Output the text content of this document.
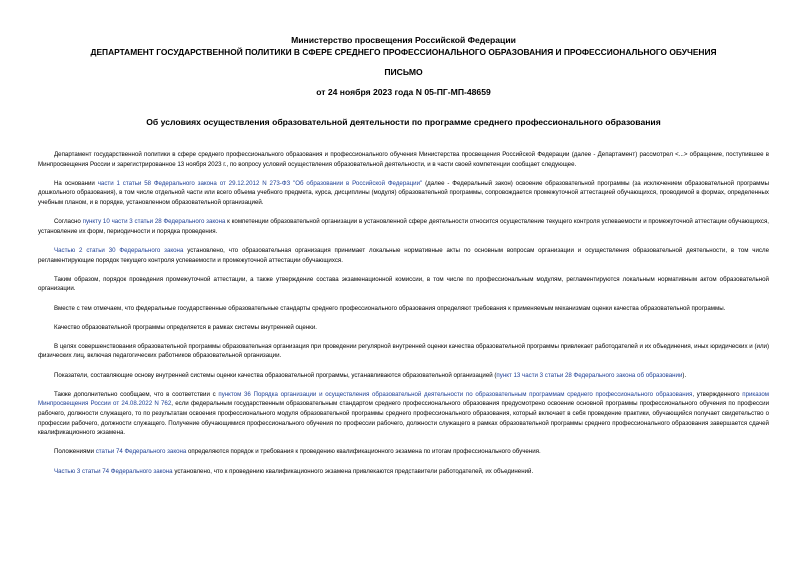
Министерство просвещения Российской Федерации
ДЕПАРТАМЕНТ ГОСУДАРСТВЕННОЙ ПОЛИТИКИ В СФЕРЕ СРЕДНЕГО ПРОФЕССИОНАЛЬНОГО ОБРАЗОВАНИЯ И ПРОФЕССИОНАЛЬНОГО ОБУЧЕНИЯ
ПИСЬМО
от 24 ноября 2023 года N 05-ПГ-МП-48659
Об условиях осуществления образовательной деятельности по программе среднего профессионального образования

Департамент государственной политики в сфере среднего профессионального образования и профессионального обучения Министерства просвещения Российской Федерации (далее - Департамент) рассмотрел <...> обращение, поступившее в Минпросвещения России и зарегистрированное 13 ноября 2023 г., по вопросу условий осуществления образовательной деятельности, и в части своей компетенции сообщает следующее.

На основании части 1 статьи 58 Федерального закона от 29.12.2012 N 273-ФЗ "Об образовании в Российской Федерации" (далее - Федеральный закон) освоение образовательной программы (за исключением образовательной программы дошкольного образования), в том числе отдельной части или всего объема учебного предмета, курса, дисциплины (модуля) образовательной программы, сопровождается промежуточной аттестацией обучающихся, проводимой в формах, определенных учебным планом, и в порядке, установленном образовательной организацией.

Согласно пункту 10 части 3 статьи 28 Федерального закона к компетенции образовательной организации в установленной сфере деятельности относится осуществление текущего контроля успеваемости и промежуточной аттестации обучающихся, установление их форм, периодичности и порядка проведения.

Частью 2 статьи 30 Федерального закона установлено, что образовательная организация принимает локальные нормативные акты по основным вопросам организации и осуществления образовательной деятельности, в том числе регламентирующие порядок текущего контроля успеваемости и промежуточной аттестации обучающихся.

Таким образом, порядок проведения промежуточной аттестации, а также утверждение состава экзаменационной комиссии, в том числе по профессиональным модулям, регламентируются локальным нормативным актом образовательной организации.

Вместе с тем отмечаем, что федеральные государственные образовательные стандарты среднего профессионального образования определяют требования к применяемым механизмам оценки качества образовательной программы.

Качество образовательной программы определяется в рамках системы внутренней оценки.

В целях совершенствования образовательной программы образовательная организация при проведении регулярной внутренней оценки качества образовательной программы привлекает работодателей и их объединения, иных юридических и (или) физических лиц, включая педагогических работников образовательной организации.

Показатели, составляющие основу внутренней системы оценки качества образовательной программы, устанавливаются образовательной организацией (пункт 13 части 3 статьи 28 Федерального закона об образовании).

Также дополнительно сообщаем, что в соответствии с пунктом 36 Порядка организации и осуществления образовательной деятельности по образовательным программам среднего профессионального образования, утвержденного приказом Минпросвещения России от 24.08.2022 N 762, если федеральным государственным образовательным стандартом среднего профессионального образования предусмотрено освоение основной программы профессионального обучения по профессии рабочего, должности служащего, то по результатам освоения профессионального модуля образовательной программы среднего профессионального образования, который включает в себя проведение практики, обучающийся получает свидетельство о профессии рабочего, должности служащего. Получение обучающимися профессионального обучения по профессии рабочего, должности служащего в рамках образовательной программы среднего профессионального образования завершается сдачей квалификационного экзамена.

Положениями статьи 74 Федерального закона определяются порядок и требования к проведению квалификационного экзамена по итогам профессионального обучения.

Частью 3 статьи 74 Федерального закона установлено, что к проведению квалификационного экзамена привлекаются представители работодателей, их объединений.
